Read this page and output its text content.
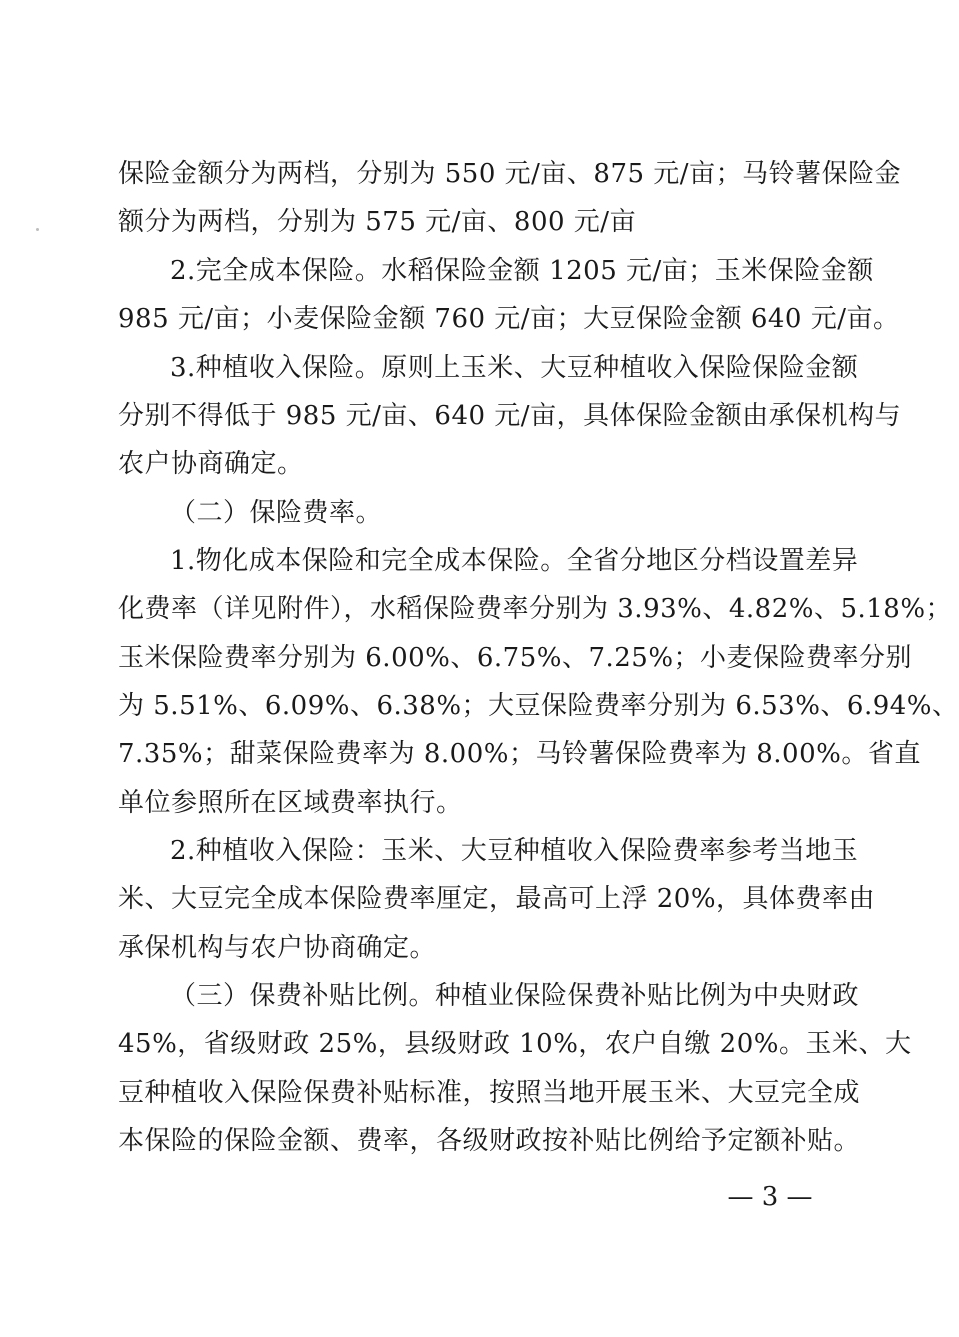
保险金额分为两档，分别为 550 元/亩、875 元/亩；马铃薯保险金
额分为两档，分别为 575 元/亩、800 元/亩
2.完全成本保险。水稻保险金额 1205 元/亩；玉米保险金额
985 元/亩；小麦保险金额 760 元/亩；大豆保险金额 640 元/亩。
3.种植收入保险。原则上玉米、大豆种植收入保险保险金额
分别不得低于 985 元/亩、640 元/亩，具体保险金额由承保机构与
农户协商确定。
（二）保险费率。
1.物化成本保险和完全成本保险。全省分地区分档设置差异
化费率（详见附件），水稻保险费率分别为 3.93%、4.82%、5.18%；
玉米保险费率分别为 6.00%、6.75%、7.25%；小麦保险费率分别
为 5.51%、6.09%、6.38%；大豆保险费率分别为 6.53%、6.94%、
7.35%；甜菜保险费率为 8.00%；马铃薯保险费率为 8.00%。省直
单位参照所在区域费率执行。
2.种植收入保险：玉米、大豆种植收入保险费率参考当地玉
米、大豆完全成本保险费率厘定，最高可上浮 20%，具体费率由
承保机构与农户协商确定。
（三）保费补贴比例。种植业保险保费补贴比例为中央财政
45%，省级财政 25%，县级财政 10%，农户自缴 20%。玉米、大
豆种植收入保险保费补贴标准，按照当地开展玉米、大豆完全成
本保险的保险金额、费率，各级财政按补贴比例给予定额补贴。
— 3 —
